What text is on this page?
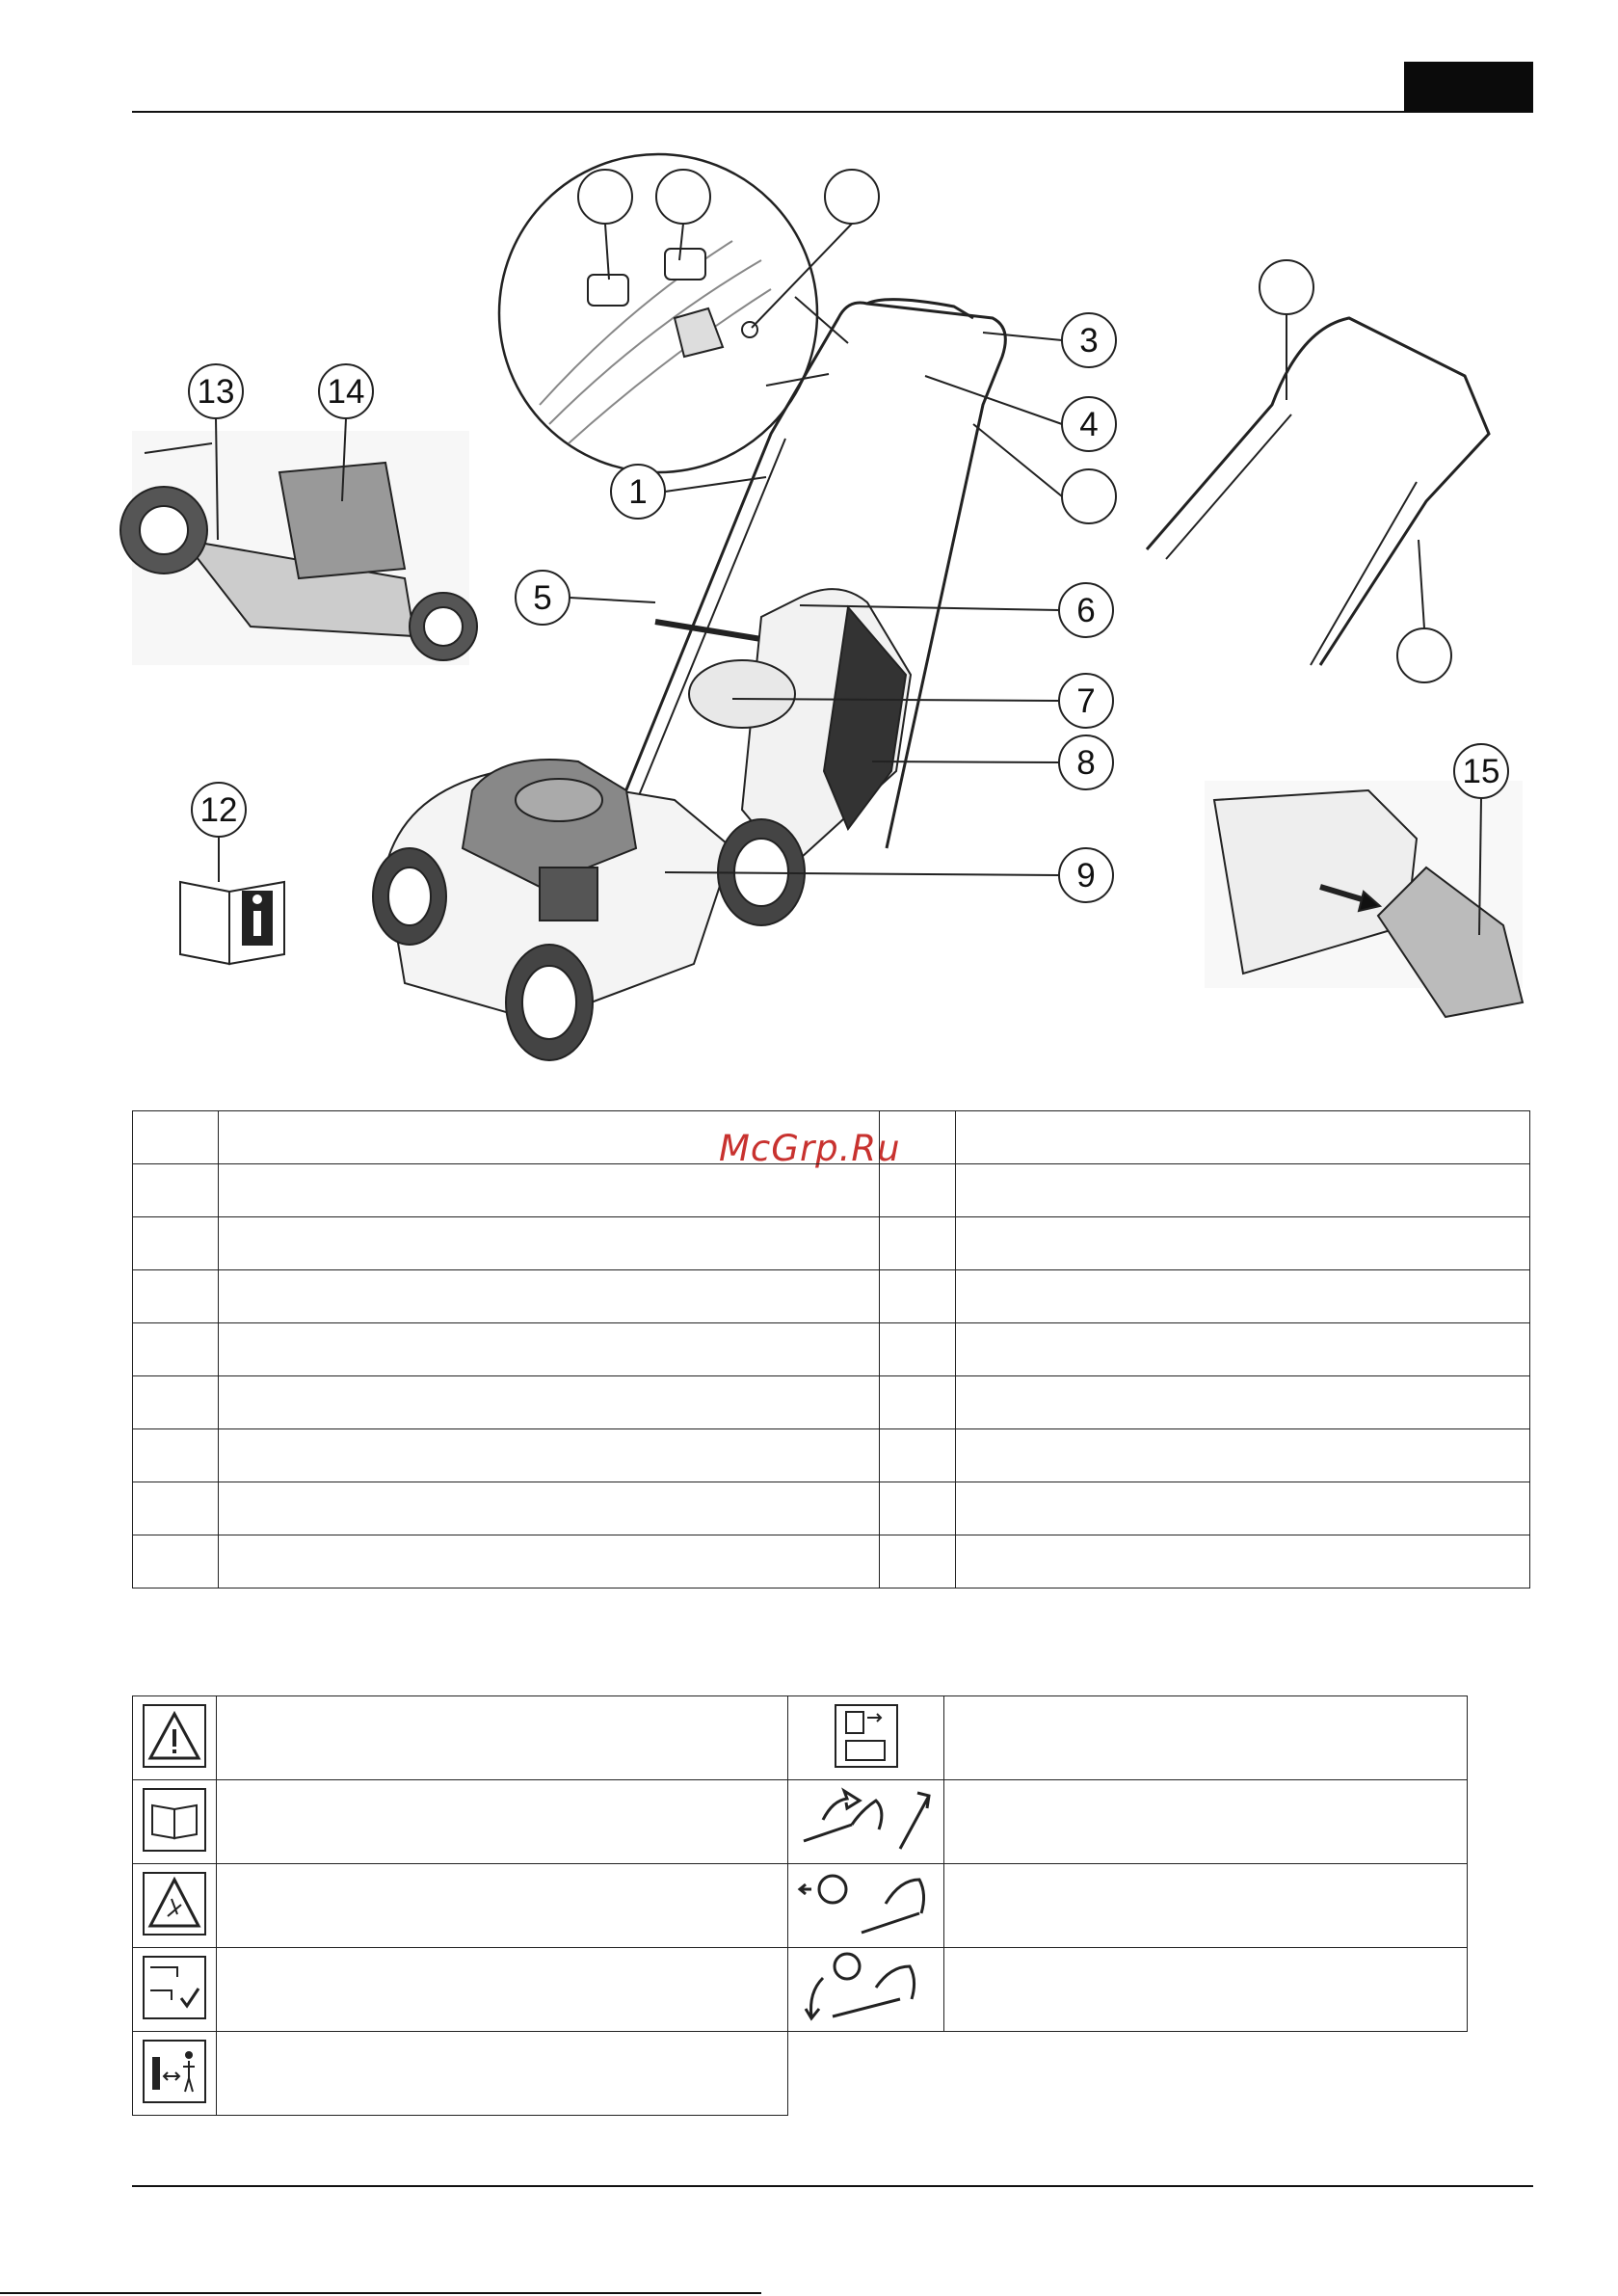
3
4
1
5	6
7
8
9
13	14
12
15
McGrp.Ru
